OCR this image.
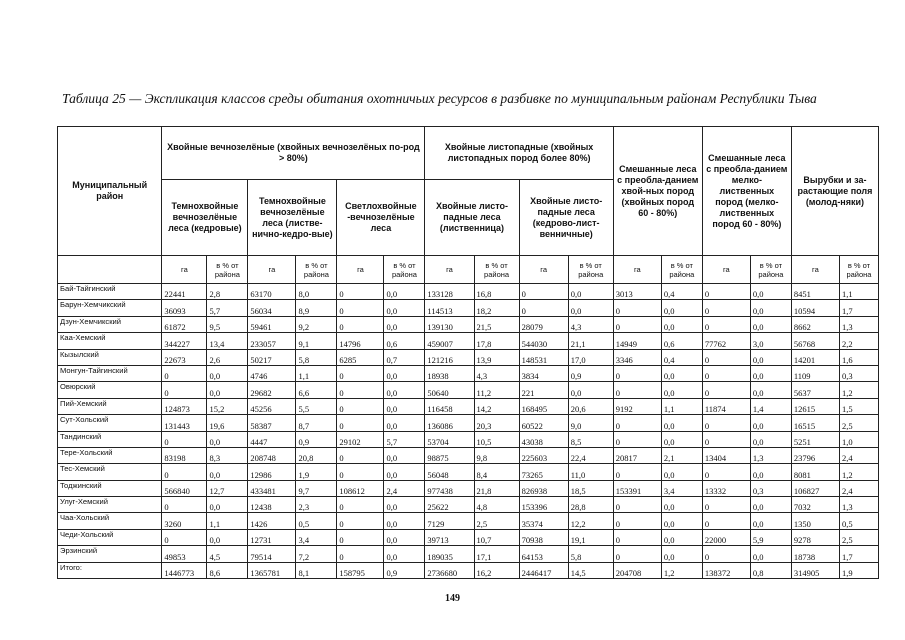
Таблица 25 — Экспликация классов среды обитания охотничьих ресурсов в разбивке по муниципальным районам Республики Тыва
Муниципальный район	Хвойные вечнозелёные (хвойных вечнозелёных по-род > 80%)						Хвойные листопадные (хвойных листопадных пород более 80%)				Смешанные леса с преобла-данием хвой-ных пород (хвойных пород 60 - 80%)		Смешанные леса с преобла-данием мелко-лиственных пород (мелко-лиственных пород 60 - 80%)		Вырубки и за-растающие поля (молод-няки)	
	Темнохвойные вечнозелёные леса (кедровые)		Темнохвойные вечнозелёные леса (листве-нично-кедро-вые)		Светлохвойные -вечнозелёные леса		Хвойные листо-падные леса (лиственница)		Хвойные листо-падные леса (кедрово-лист-венничные)							
	га	в % от района	га	в % от района	га	в % от района	га	в % от района	га	в % от района	га	в % от района	га	в % от района	га	в % от района
Бай-Тайгинский	22441	2,8	63170	8,0	0	0,0	133128	16,8	0	0,0	3013	0,4	0	0,0	8451	1,1
Барун-Хемчикский	36093	5,7	56034	8,9	0	0,0	114513	18,2	0	0,0	0	0,0	0	0,0	10594	1,7
Дзун-Хемчикский	61872	9,5	59461	9,2	0	0,0	139130	21,5	28079	4,3	0	0,0	0	0,0	8662	1,3
Каа-Хемский	344227	13,4	233057	9,1	14796	0,6	459007	17,8	544030	21,1	14949	0,6	77762	3,0	56768	2,2
Кызылский	22673	2,6	50217	5,8	6285	0,7	121216	13,9	148531	17,0	3346	0,4	0	0,0	14201	1,6
Монгун-Тайгинский	0	0,0	4746	1,1	0	0,0	18938	4,3	3834	0,9	0	0,0	0	0,0	1109	0,3
Овюрский	0	0,0	29682	6,6	0	0,0	50640	11,2	221	0,0	0	0,0	0	0,0	5637	1,2
Пий-Хемский	124873	15,2	45256	5,5	0	0,0	116458	14,2	168495	20,6	9192	1,1	11874	1,4	12615	1,5
Сут-Хольский	131443	19,6	58387	8,7	0	0,0	136086	20,3	60522	9,0	0	0,0	0	0,0	16515	2,5
Тандинский	0	0,0	4447	0,9	29102	5,7	53704	10,5	43038	8,5	0	0,0	0	0,0	5251	1,0
Тере-Хольский	83198	8,3	208748	20,8	0	0,0	98875	9,8	225603	22,4	20817	2,1	13404	1,3	23796	2,4
Тес-Хемский	0	0,0	12986	1,9	0	0,0	56048	8,4	73265	11,0	0	0,0	0	0,0	8081	1,2
Тоджинский	566840	12,7	433481	9,7	108612	2,4	977438	21,8	826938	18,5	153391	3,4	13332	0,3	106827	2,4
Улуг-Хемский	0	0,0	12438	2,3	0	0,0	25622	4,8	153396	28,8	0	0,0	0	0,0	7032	1,3
Чаа-Хольский	3260	1,1	1426	0,5	0	0,0	7129	2,5	35374	12,2	0	0,0	0	0,0	1350	0,5
Чеди-Хольский	0	0,0	12731	3,4	0	0,0	39713	10,7	70938	19,1	0	0,0	22000	5,9	9278	2,5
Эрзинский	49853	4,5	79514	7,2	0	0,0	189035	17,1	64153	5,8	0	0,0	0	0,0	18738	1,7
Итого:	1446773	8,6	1365781	8,1	158795	0,9	2736680	16,2	2446417	14,5	204708	1,2	138372	0,8	314905	1,9
149
